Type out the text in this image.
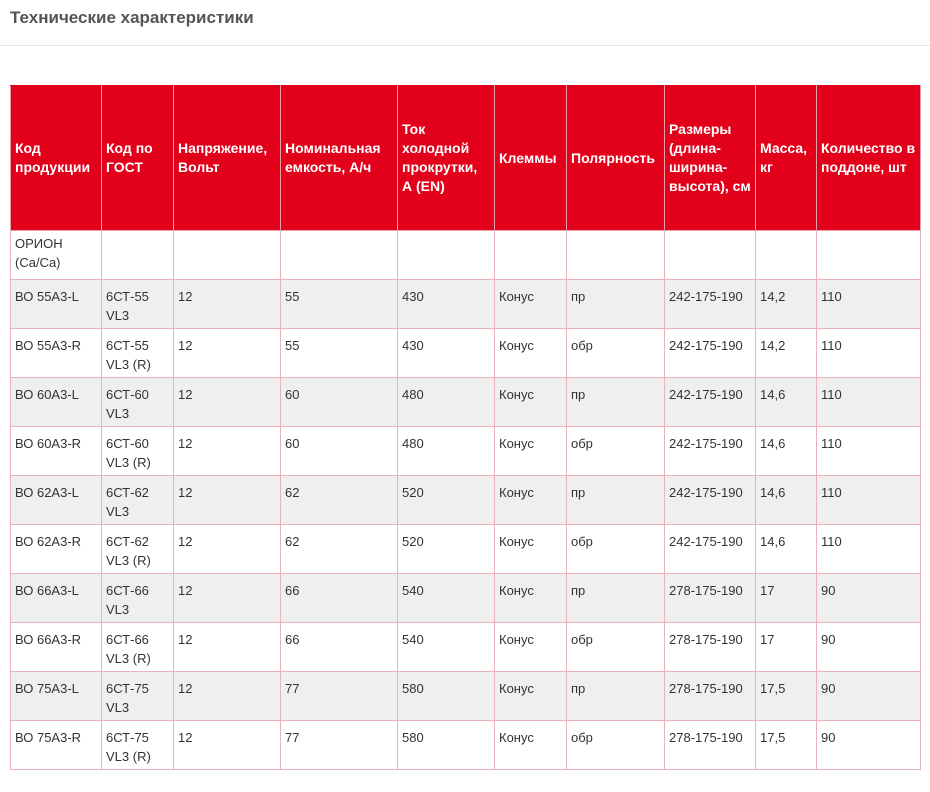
Технические характеристики
Код продукции	Код по ГОСТ	Напряжение, Вольт	Номинальная емкость, А/ч	Ток холодной прокрутки, А (EN)	Клеммы	Полярность	Размеры (длина-ширина-высота), см	Масса, кг	Количество в поддоне, шт
ОРИОН (Ca/Ca)									
ВО 55А3-L	6СТ-55 VL3	12	55	430	Конус	пр	242-175-190	14,2	110
ВО 55А3-R	6СТ-55 VL3 (R)	12	55	430	Конус	обр	242-175-190	14,2	110
ВО 60А3-L	6СТ-60 VL3	12	60	480	Конус	пр	242-175-190	14,6	110
ВО 60А3-R	6СТ-60 VL3 (R)	12	60	480	Конус	обр	242-175-190	14,6	110
ВО 62А3-L	6СТ-62 VL3	12	62	520	Конус	пр	242-175-190	14,6	110
ВО 62А3-R	6СТ-62 VL3 (R)	12	62	520	Конус	обр	242-175-190	14,6	110
ВО 66А3-L	6СТ-66 VL3	12	66	540	Конус	пр	278-175-190	17	90
ВО 66А3-R	6СТ-66 VL3 (R)	12	66	540	Конус	обр	278-175-190	17	90
ВО 75А3-L	6СТ-75 VL3	12	77	580	Конус	пр	278-175-190	17,5	90
ВО 75А3-R	6СТ-75 VL3 (R)	12	77	580	Конус	обр	278-175-190	17,5	90
